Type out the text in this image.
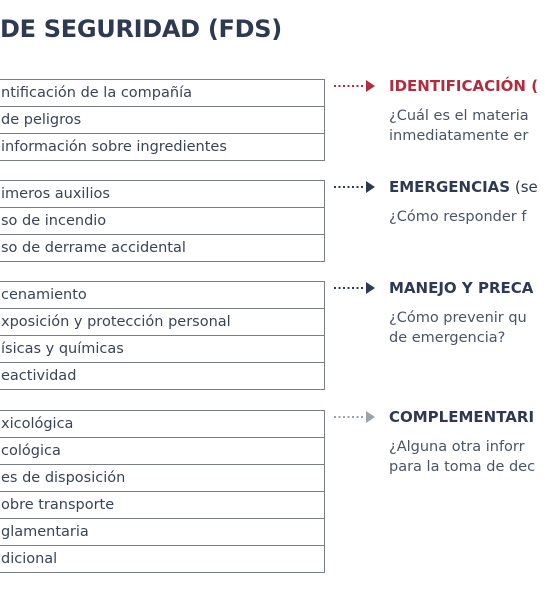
DE SEGURIDAD (FDS)
ntificación de la compañía
de peligros
información sobre ingredientes
imeros auxilios
so de incendio
so de derrame accidental
cenamiento
xposición y protección personal
ísicas y químicas
eactividad
xicológica
cológica
es de disposición
obre transporte
glamentaria
dicional
IDENTIFICACIÓN (
¿Cuál es el materia
inmediatamente er
EMERGENCIAS (se
¿Cómo responder f
MANEJO Y PRECA
¿Cómo prevenir qu
de emergencia?
COMPLEMENTARI
¿Alguna otra inforr
para la toma de dec
